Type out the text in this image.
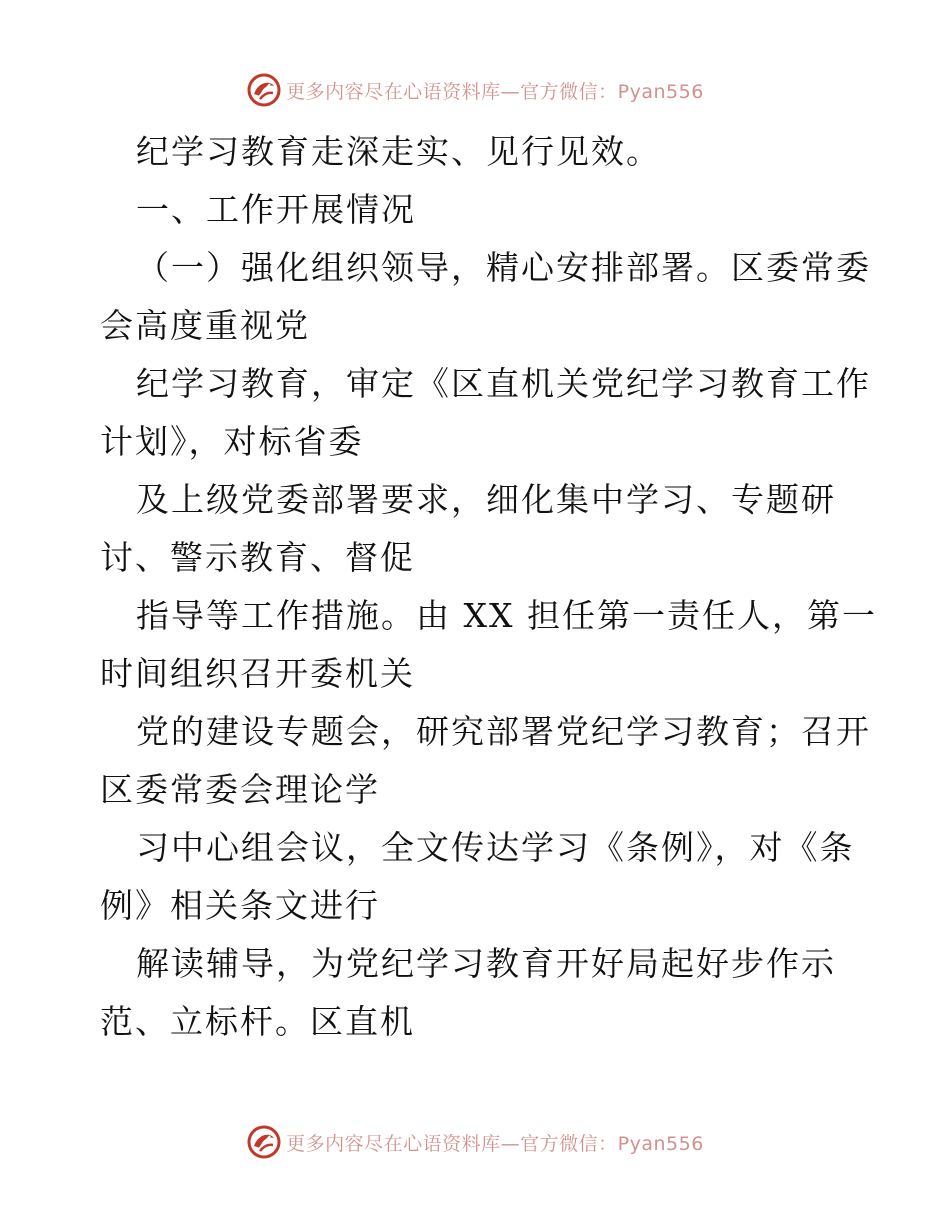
更多内容尽在心语资料库—官方微信：Pyan556
纪学习教育走深走实、见行见效。
一、工作开展情况
（一）强化组织领导，精心安排部署。区委常委
会高度重视党
纪学习教育，审定《区直机关党纪学习教育工作
计划》，对标省委
及上级党委部署要求，细化集中学习、专题研
讨、警示教育、督促
指导等工作措施。由 XX 担任第一责任人，第一
时间组织召开委机关
党的建设专题会，研究部署党纪学习教育；召开
区委常委会理论学
习中心组会议，全文传达学习《条例》，对《条
例》相关条文进行
解读辅导，为党纪学习教育开好局起好步作示
范、立标杆。区直机
更多内容尽在心语资料库—官方微信：Pyan556
